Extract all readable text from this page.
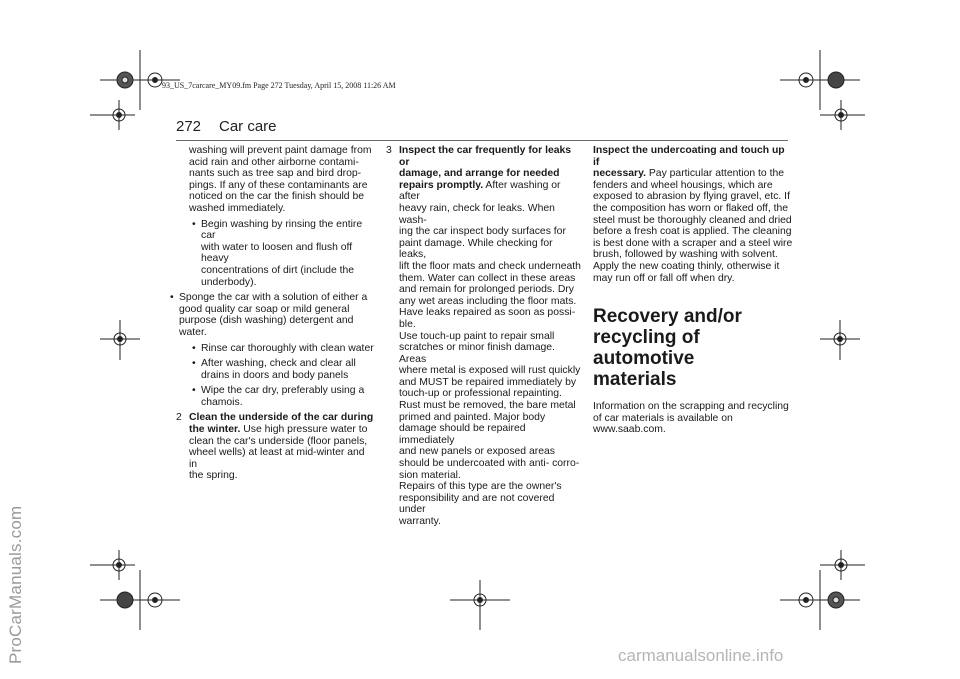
ProCarManuals.com
93_US_7carcare_MY09.fm Page 272 Tuesday, April 15, 2008 11:26 AM
carmanualsonline.info
272 Car care

washing will prevent paint damage from
acid rain and other airborne contami-
nants such as tree sap and bird drop-
pings. If any of these contaminants are
noticed on the car the finish should be
washed immediately.

• Begin washing by rinsing the entire car
with water to loosen and flush off heavy
concentrations of dirt (include the
underbody).

• Sponge the car with a solution of either a
good quality car soap or mild general
purpose (dish washing) detergent and
water.

• Rinse car thoroughly with clean water

• After washing, check and clear all
drains in doors and body panels

• Wipe the car dry, preferably using a
chamois.

2 Clean the underside of the car during
the winter. Use high pressure water to
clean the car's underside (floor panels,
wheel wells) at least at mid-winter and in
the spring.

3 Inspect the car frequently for leaks or
damage, and arrange for needed
repairs promptly. After washing or after
heavy rain, check for leaks. When wash-
ing the car inspect body surfaces for
paint damage. While checking for leaks,
lift the floor mats and check underneath
them. Water can collect in these areas
and remain for prolonged periods. Dry
any wet areas including the floor mats.
Have leaks repaired as soon as possi-
ble.
Use touch-up paint to repair small
scratches or minor finish damage. Areas
where metal is exposed will rust quickly
and MUST be repaired immediately by
touch-up or professional repainting.
Rust must be removed, the bare metal
primed and painted. Major body
damage should be repaired immediately
and new panels or exposed areas
should be undercoated with anti- corro-
sion material.
Repairs of this type are the owner's
responsibility and are not covered under
warranty.

Inspect the undercoating and touch up if
necessary. Pay particular attention to the
fenders and wheel housings, which are
exposed to abrasion by flying gravel, etc. If
the composition has worn or flaked off, the
steel must be thoroughly cleaned and dried
before a fresh coat is applied. The cleaning
is best done with a scraper and a steel wire
brush, followed by washing with solvent.
Apply the new coating thinly, otherwise it
may run off or fall off when dry.

Recovery and/or
recycling of automotive
materials

Information on the scrapping and recycling
of car materials is available on
www.saab.com.
